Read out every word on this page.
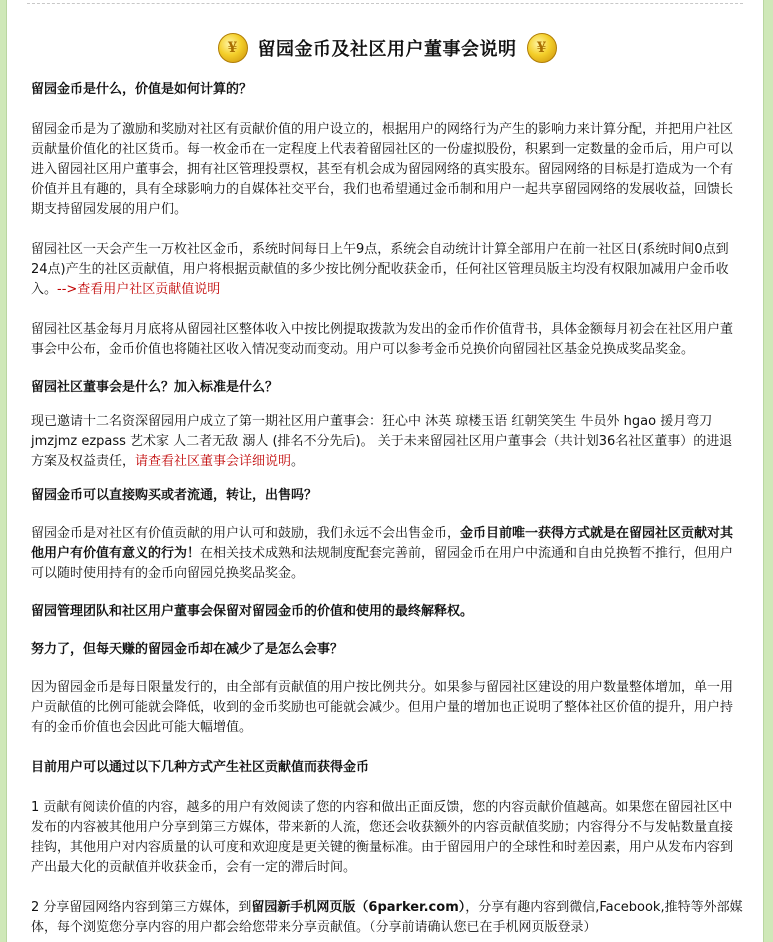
¥	留园金币及社区用户董事会说明	¥

留园金币是什么，价值是如何计算的？

留园金币是为了激励和奖励对社区有贡献价值的用户设立的，根据用户的网络行为产生的影响力来计算分配，并把用户社区贡献量价值化的社区货币。每一枚金币在一定程度上代表着留园社区的一份虚拟股份，积累到一定数量的金币后，用户可以进入留园社区用户董事会，拥有社区管理投票权，甚至有机会成为留园网络的真实股东。留园网络的目标是打造成为一个有价值并且有趣的，具有全球影响力的自媒体社交平台，我们也希望通过金币制和用户一起共享留园网络的发展收益，回馈长期支持留园发展的用户们。

留园社区一天会产生一万枚社区金币，系统时间每日上午9点，系统会自动统计计算全部用户在前一社区日(系统时间0点到24点)产生的社区贡献值，用户将根据贡献值的多少按比例分配收获金币，任何社区管理员版主均没有权限加减用户金币收入。-->查看用户社区贡献值说明

留园社区基金每月月底将从留园社区整体收入中按比例提取拨款为发出的金币作价值背书，具体金额每月初会在社区用户董事会中公布，金币价值也将随社区收入情况变动而变动。用户可以参考金币兑换价向留园社区基金兑换成奖品奖金。

留园社区董事会是什么？加入标准是什么？

现已邀请十二名资深留园用户成立了第一期社区用户董事会：狂心中 沐英 琼楼玉语 红朝笑笑生 牛员外 hgao 援月弯刀 jmzjmz ezpass 艺术家 人二者无敌 溺人 (排名不分先后)。 关于未来留园社区用户董事会（共计划36名社区董事）的进退方案及权益责任，请查看社区董事会详细说明。

留园金币可以直接购买或者流通，转让，出售吗？

留园金币是对社区有价值贡献的用户认可和鼓励，我们永远不会出售金币，金币目前唯一获得方式就是在留园社区贡献对其他用户有价值有意义的行为！在相关技术成熟和法规制度配套完善前，留园金币在用户中流通和自由兑换暂不推行，但用户可以随时使用持有的金币向留园兑换奖品奖金。

留园管理团队和社区用户董事会保留对留园金币的价值和使用的最终解释权。

努力了，但每天赚的留园金币却在减少了是怎么会事？

因为留园金币是每日限量发行的，由全部有贡献值的用户按比例共分。如果参与留园社区建设的用户数量整体增加，单一用户贡献值的比例可能就会降低，收到的金币奖励也可能就会减少。但用户量的增加也正说明了整体社区价值的提升，用户持有的金币价值也会因此可能大幅增值。

目前用户可以通过以下几种方式产生社区贡献值而获得金币

1 贡献有阅读价值的内容，越多的用户有效阅读了您的内容和做出正面反馈，您的内容贡献价值越高。如果您在留园社区中发布的内容被其他用户分享到第三方媒体，带来新的人流，您还会收获额外的内容贡献值奖励；内容得分不与发帖数量直接挂钩，其他用户对内容质量的认可度和欢迎度是更关键的衡量标准。由于留园用户的全球性和时差因素，用户从发布内容到产出最大化的贡献值并收获金币，会有一定的滞后时间。

2 分享留园网络内容到第三方媒体，到留园新手机网页版（6parker.com），分享有趣内容到微信,Facebook,推特等外部媒体，每个浏览您分享内容的用户都会给您带来分享贡献值。（分享前请确认您已在手机网页版登录）
